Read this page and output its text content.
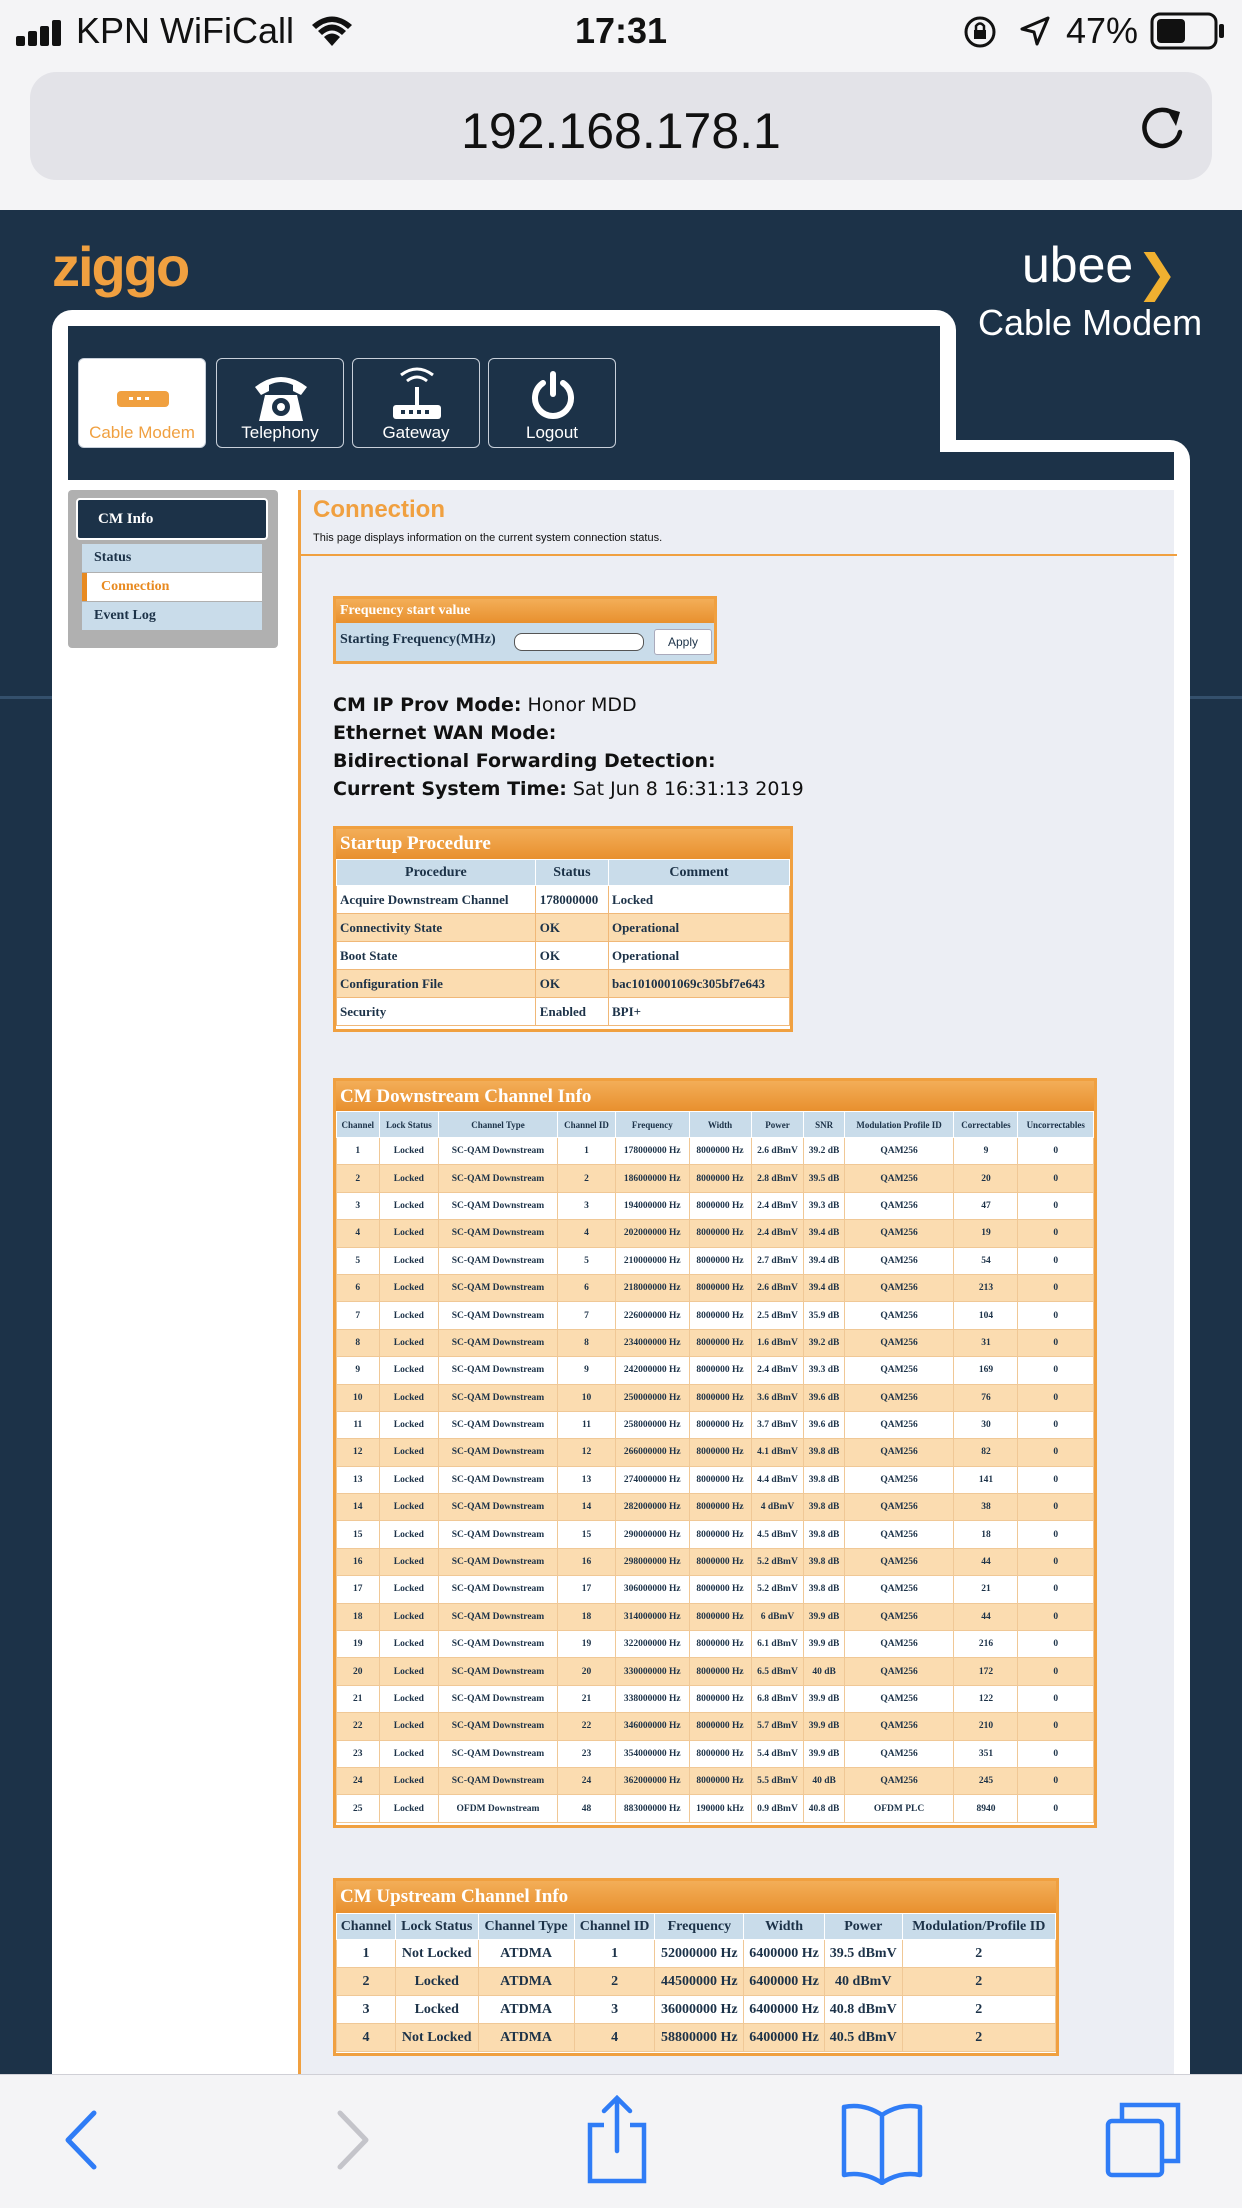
KPN WiFiCall	17:31	47%
192.168.178.1
ziggo	ubee ❯
Cable Modem
Cable Modem	Telephony	Gateway	Logout
CM Info
Status
Connection
Event Log
Connection
This page displays information on the current system connection status.
Frequency start value
Starting Frequency(MHz)	Apply
CM IP Prov Mode: Honor MDD
Ethernet WAN Mode:
Bidirectional Forwarding Detection:
Current System Time: Sat Jun 8 16:31:13 2019
Startup Procedure
Procedure	Status	Comment
Acquire Downstream Channel	178000000	Locked
Connectivity State	OK	Operational
Boot State	OK	Operational
Configuration File	OK	bac1010001069c305bf7e643
Security	Enabled	BPI+
CM Downstream Channel Info
Channel	Lock Status	Channel Type	Channel ID	Frequency	Width	Power	SNR	Modulation Profile ID	Correctables	Uncorrectables
1	Locked	SC-QAM Downstream	1	178000000 Hz	8000000 Hz	2.6 dBmV	39.2 dB	QAM256	9	0
2	Locked	SC-QAM Downstream	2	186000000 Hz	8000000 Hz	2.8 dBmV	39.5 dB	QAM256	20	0
3	Locked	SC-QAM Downstream	3	194000000 Hz	8000000 Hz	2.4 dBmV	39.3 dB	QAM256	47	0
4	Locked	SC-QAM Downstream	4	202000000 Hz	8000000 Hz	2.4 dBmV	39.4 dB	QAM256	19	0
5	Locked	SC-QAM Downstream	5	210000000 Hz	8000000 Hz	2.7 dBmV	39.4 dB	QAM256	54	0
6	Locked	SC-QAM Downstream	6	218000000 Hz	8000000 Hz	2.6 dBmV	39.4 dB	QAM256	213	0
7	Locked	SC-QAM Downstream	7	226000000 Hz	8000000 Hz	2.5 dBmV	35.9 dB	QAM256	104	0
8	Locked	SC-QAM Downstream	8	234000000 Hz	8000000 Hz	1.6 dBmV	39.2 dB	QAM256	31	0
9	Locked	SC-QAM Downstream	9	242000000 Hz	8000000 Hz	2.4 dBmV	39.3 dB	QAM256	169	0
10	Locked	SC-QAM Downstream	10	250000000 Hz	8000000 Hz	3.6 dBmV	39.6 dB	QAM256	76	0
11	Locked	SC-QAM Downstream	11	258000000 Hz	8000000 Hz	3.7 dBmV	39.6 dB	QAM256	30	0
12	Locked	SC-QAM Downstream	12	266000000 Hz	8000000 Hz	4.1 dBmV	39.8 dB	QAM256	82	0
13	Locked	SC-QAM Downstream	13	274000000 Hz	8000000 Hz	4.4 dBmV	39.8 dB	QAM256	141	0
14	Locked	SC-QAM Downstream	14	282000000 Hz	8000000 Hz	4 dBmV	39.8 dB	QAM256	38	0
15	Locked	SC-QAM Downstream	15	290000000 Hz	8000000 Hz	4.5 dBmV	39.8 dB	QAM256	18	0
16	Locked	SC-QAM Downstream	16	298000000 Hz	8000000 Hz	5.2 dBmV	39.8 dB	QAM256	44	0
17	Locked	SC-QAM Downstream	17	306000000 Hz	8000000 Hz	5.2 dBmV	39.8 dB	QAM256	21	0
18	Locked	SC-QAM Downstream	18	314000000 Hz	8000000 Hz	6 dBmV	39.9 dB	QAM256	44	0
19	Locked	SC-QAM Downstream	19	322000000 Hz	8000000 Hz	6.1 dBmV	39.9 dB	QAM256	216	0
20	Locked	SC-QAM Downstream	20	330000000 Hz	8000000 Hz	6.5 dBmV	40 dB	QAM256	172	0
21	Locked	SC-QAM Downstream	21	338000000 Hz	8000000 Hz	6.8 dBmV	39.9 dB	QAM256	122	0
22	Locked	SC-QAM Downstream	22	346000000 Hz	8000000 Hz	5.7 dBmV	39.9 dB	QAM256	210	0
23	Locked	SC-QAM Downstream	23	354000000 Hz	8000000 Hz	5.4 dBmV	39.9 dB	QAM256	351	0
24	Locked	SC-QAM Downstream	24	362000000 Hz	8000000 Hz	5.5 dBmV	40 dB	QAM256	245	0
25	Locked	OFDM Downstream	48	883000000 Hz	190000 kHz	0.9 dBmV	40.8 dB	OFDM PLC	8940	0
CM Upstream Channel Info
Channel	Lock Status	Channel Type	Channel ID	Frequency	Width	Power	Modulation/Profile ID
1	Not Locked	ATDMA	1	52000000 Hz	6400000 Hz	39.5 dBmV	2
2	Locked	ATDMA	2	44500000 Hz	6400000 Hz	40 dBmV	2
3	Locked	ATDMA	3	36000000 Hz	6400000 Hz	40.8 dBmV	2
4	Not Locked	ATDMA	4	58800000 Hz	6400000 Hz	40.5 dBmV	2
